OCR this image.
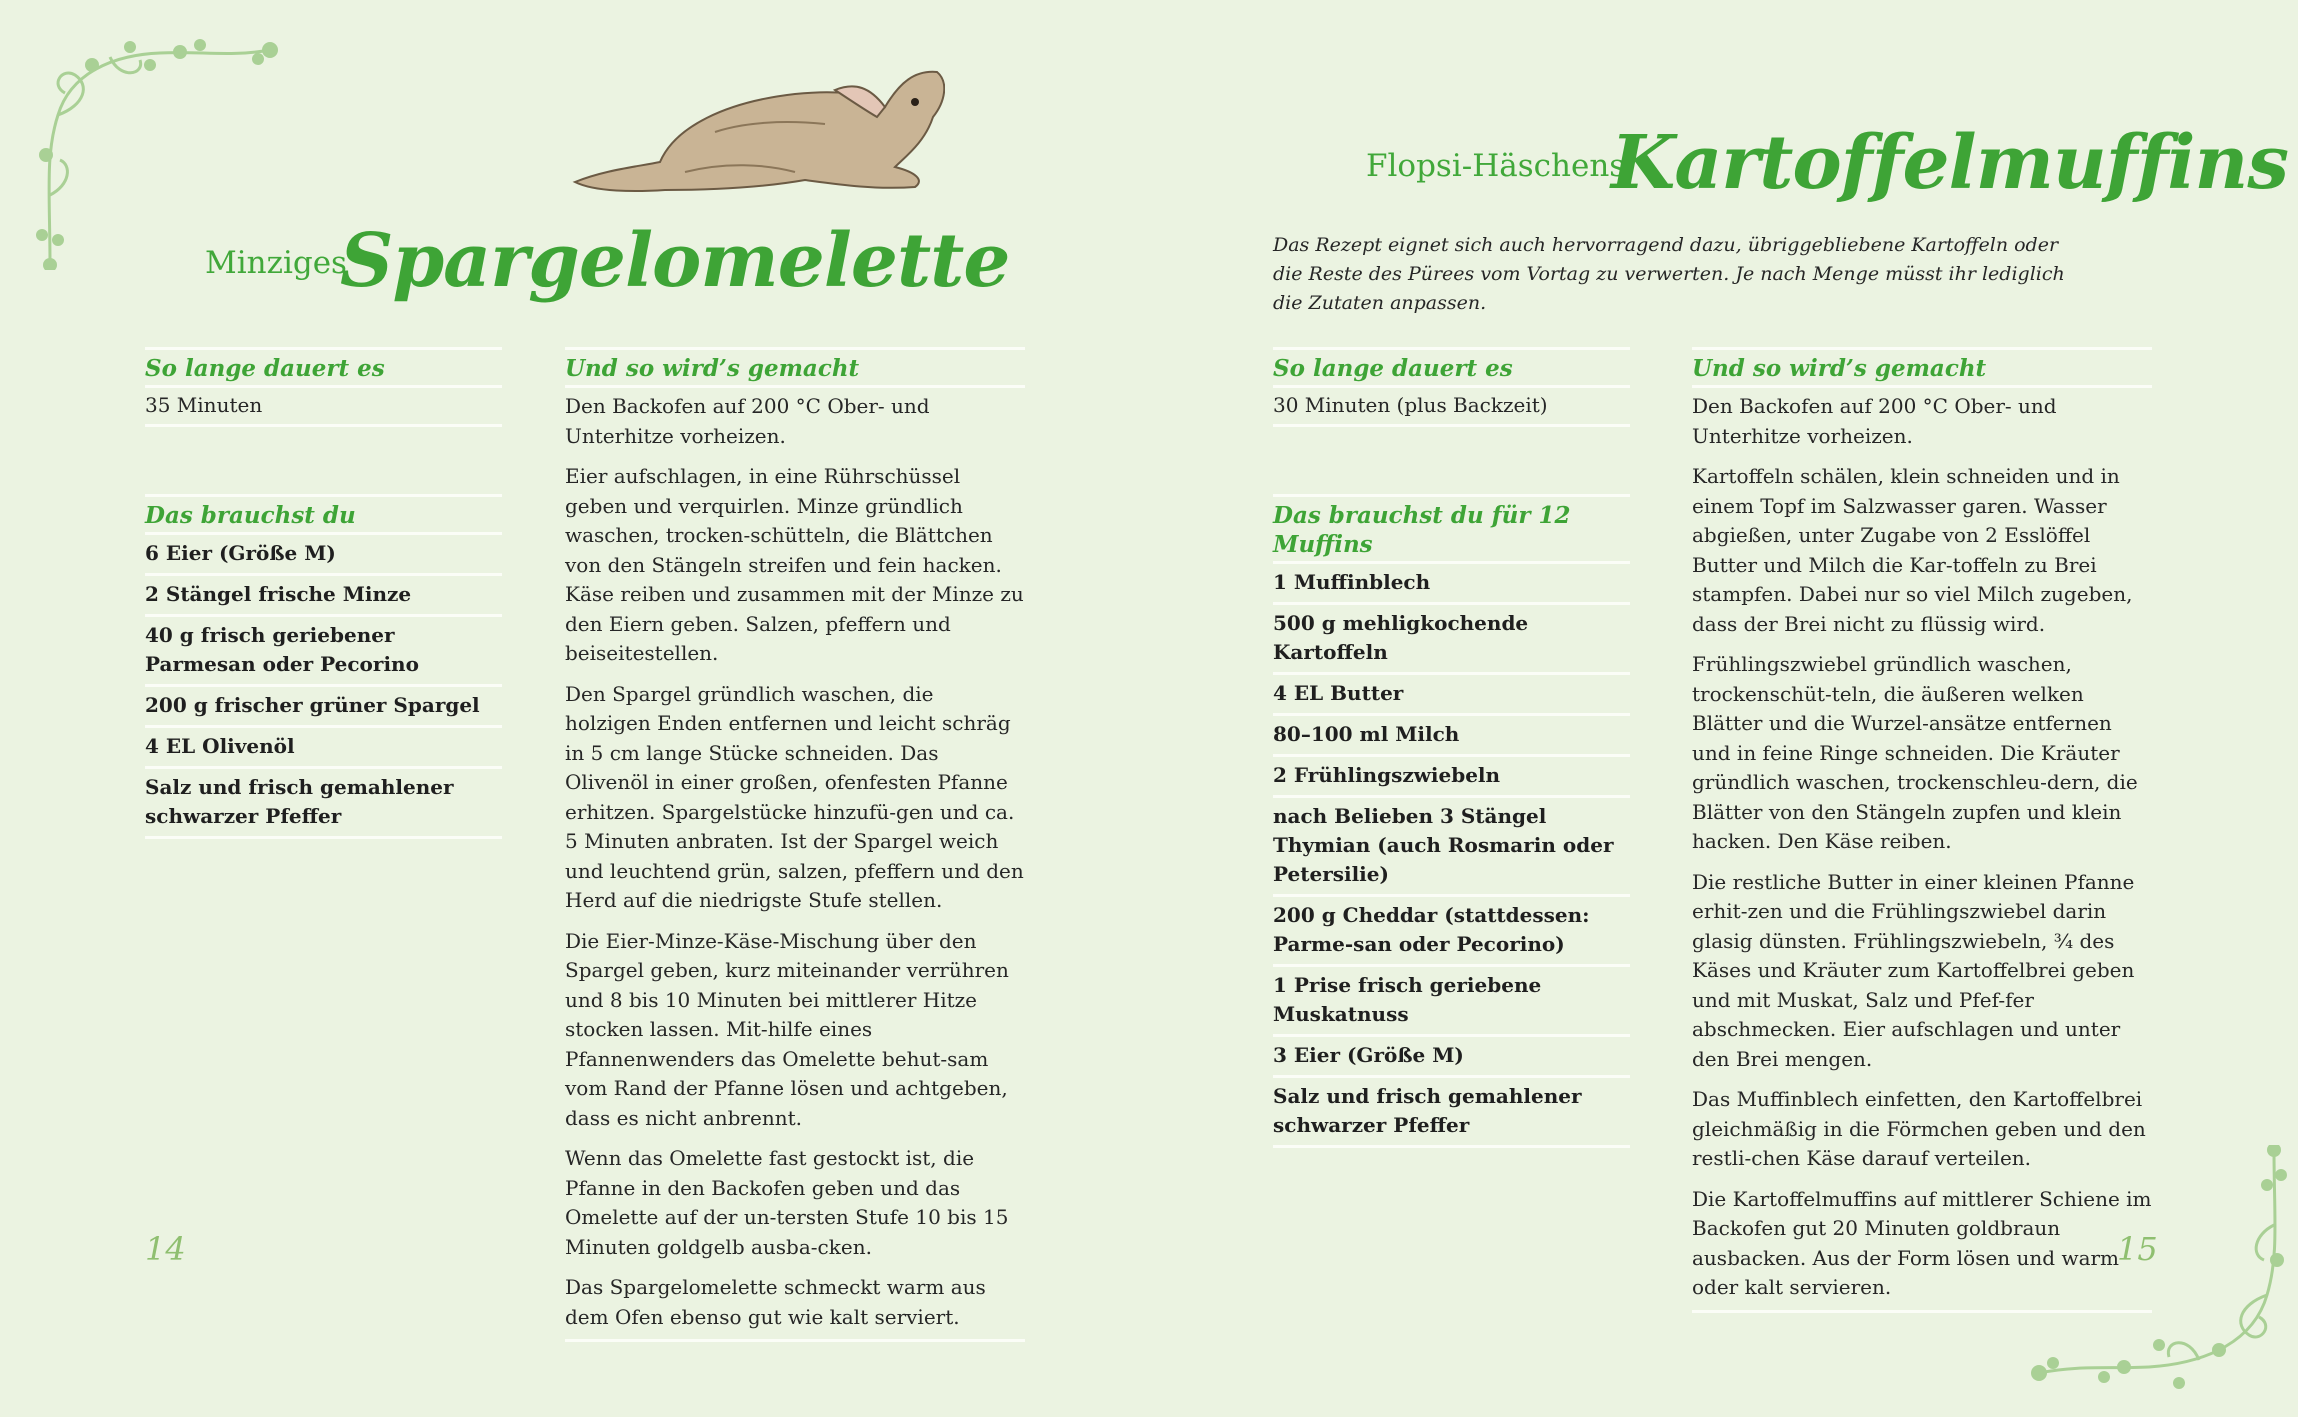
Minziges
Spargelomelette
So lange dauert es
35 Minuten
Das brauchst du
6 Eier (Größe M)
2 Stängel frische Minze
40 g frisch geriebener Parmesan oder Pecorino
200 g frischer grüner Spargel
4 EL Olivenöl
Salz und frisch gemahlener schwarzer Pfeffer
Und so wird’s gemacht

Den Backofen auf 200 °C Ober- und Unterhitze vorheizen.

Eier aufschlagen, in eine Rührschüssel geben und verquirlen. Minze gründlich waschen, trocken-schütteln, die Blättchen von den Stängeln streifen und fein hacken. Käse reiben und zusammen mit der Minze zu den Eiern geben. Salzen, pfeffern und beiseitestellen.

Den Spargel gründlich waschen, die holzigen Enden entfernen und leicht schräg in 5 cm lange Stücke schneiden. Das Olivenöl in einer großen, ofenfesten Pfanne erhitzen. Spargelstücke hinzufü-gen und ca. 5 Minuten anbraten. Ist der Spargel weich und leuchtend grün, salzen, pfeffern und den Herd auf die niedrigste Stufe stellen.

Die Eier-Minze-Käse-Mischung über den Spargel geben, kurz miteinander verrühren und 8 bis 10 Minuten bei mittlerer Hitze stocken lassen. Mit-hilfe eines Pfannenwenders das Omelette behut-sam vom Rand der Pfanne lösen und achtgeben, dass es nicht anbrennt.

Wenn das Omelette fast gestockt ist, die Pfanne in den Backofen geben und das Omelette auf der un-tersten Stufe 10 bis 15 Minuten goldgelb ausba-cken.

Das Spargelomelette schmeckt warm aus dem Ofen ebenso gut wie kalt serviert.

14
Flopsi-Häschens
Kartoffelmuffins
Das Rezept eignet sich auch hervorragend dazu, übriggebliebene Kartoffeln oder die Reste des Pürees vom Vortag zu verwerten. Je nach Menge müsst ihr lediglich die Zutaten anpassen.
So lange dauert es
30 Minuten (plus Backzeit)
Das brauchst du für 12 Muffins
1 Muffinblech
500 g mehligkochende Kartoffeln
4 EL Butter
80–100 ml Milch
2 Frühlingszwiebeln
nach Belieben 3 Stängel Thymian (auch Rosmarin oder Petersilie)
200 g Cheddar (stattdessen: Parme-san oder Pecorino)
1 Prise frisch geriebene Muskatnuss
3 Eier (Größe M)
Salz und frisch gemahlener schwarzer Pfeffer
Und so wird’s gemacht

Den Backofen auf 200 °C Ober- und Unterhitze vorheizen.

Kartoffeln schälen, klein schneiden und in einem Topf im Salzwasser garen. Wasser abgießen, unter Zugabe von 2 Esslöffel Butter und Milch die Kar-toffeln zu Brei stampfen. Dabei nur so viel Milch zugeben, dass der Brei nicht zu flüssig wird.

Frühlingszwiebel gründlich waschen, trockenschüt-teln, die äußeren welken Blätter und die Wurzel-ansätze entfernen und in feine Ringe schneiden. Die Kräuter gründlich waschen, trockenschleu-dern, die Blätter von den Stängeln zupfen und klein hacken. Den Käse reiben.

Die restliche Butter in einer kleinen Pfanne erhit-zen und die Frühlingszwiebel darin glasig dünsten. Frühlingszwiebeln, ¾ des Käses und Kräuter zum Kartoffelbrei geben und mit Muskat, Salz und Pfef-fer abschmecken. Eier aufschlagen und unter den Brei mengen.

Das Muffinblech einfetten, den Kartoffelbrei gleichmäßig in die Förmchen geben und den restli-chen Käse darauf verteilen.

Die Kartoffelmuffins auf mittlerer Schiene im Backofen gut 20 Minuten goldbraun ausbacken. Aus der Form lösen und warm oder kalt servieren.

15
